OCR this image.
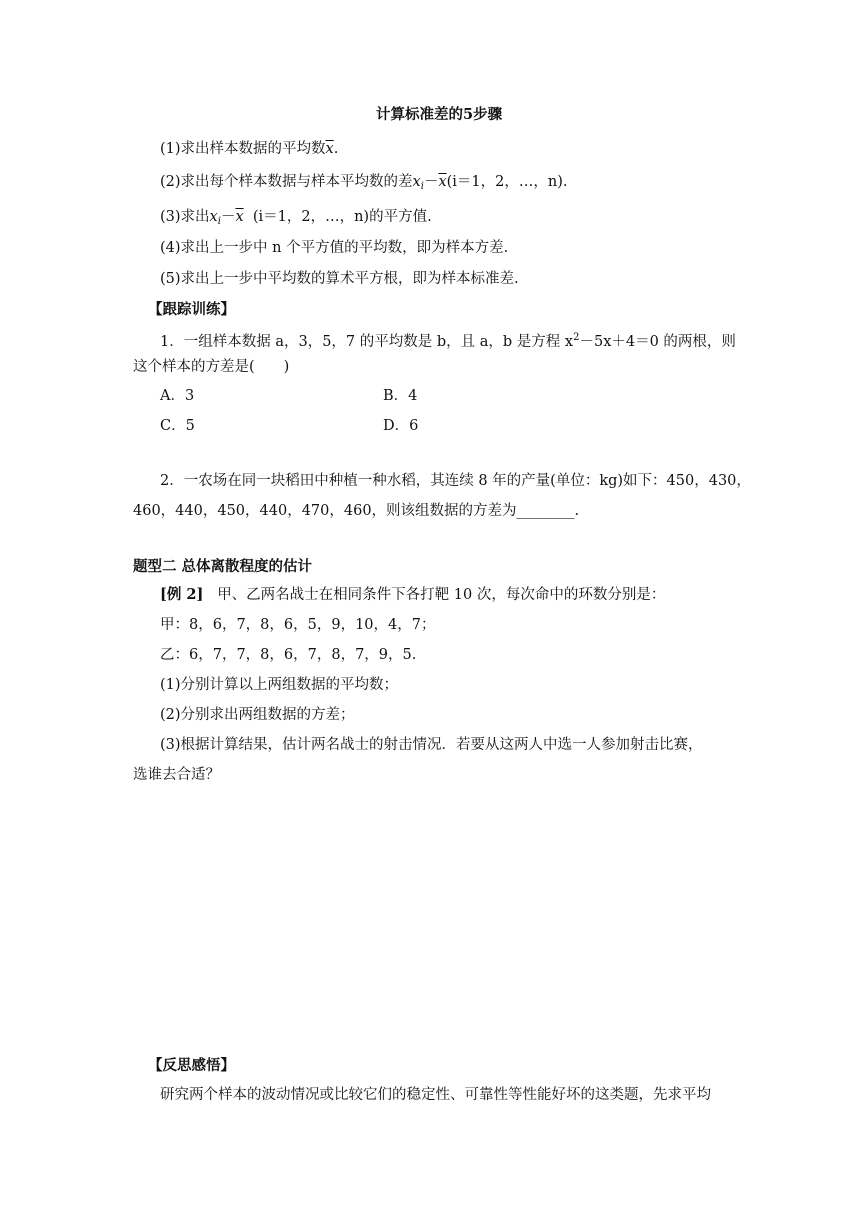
计算标准差的5步骤
(1)求出样本数据的平均数$\overline{x}$.
(2)求出每个样本数据与样本平均数的差$x_i-\overline{x}(i=1$，2，…，n).
(3)求出$x_i-\overline{x}$ (i＝1，2，…，n)的平方值.
(4)求出上一步中 n 个平方值的平均数，即为样本方差.
(5)求出上一步中平均数的算术平方根，即为样本标准差.
【跟踪训练】
1．一组样本数据 a，3，5，7 的平均数是 b，且 a，b 是方程 $x^2-5x+4=0$ 的两根，则
这个样本的方差是(　　)
A．3	B．4
C．5	D．6
2．一农场在同一块稻田中种植一种水稻，其连续 8 年的产量(单位：kg)如下：450，430，
460，440，450，440，470，460，则该组数据的方差为________.
题型二 总体离散程度的估计
[例 2] 甲、乙两名战士在相同条件下各打靶 10 次，每次命中的环数分别是：
甲：8，6，7，8，6，5，9，10，4，7；
乙：6，7，7，8，6，7，8，7，9，5.
(1)分别计算以上两组数据的平均数；
(2)分别求出两组数据的方差；
(3)根据计算结果，估计两名战士的射击情况．若要从这两人中选一人参加射击比赛，
选谁去合适？
【反思感悟】
研究两个样本的波动情况或比较它们的稳定性、可靠性等性能好坏的这类题，先求平均
